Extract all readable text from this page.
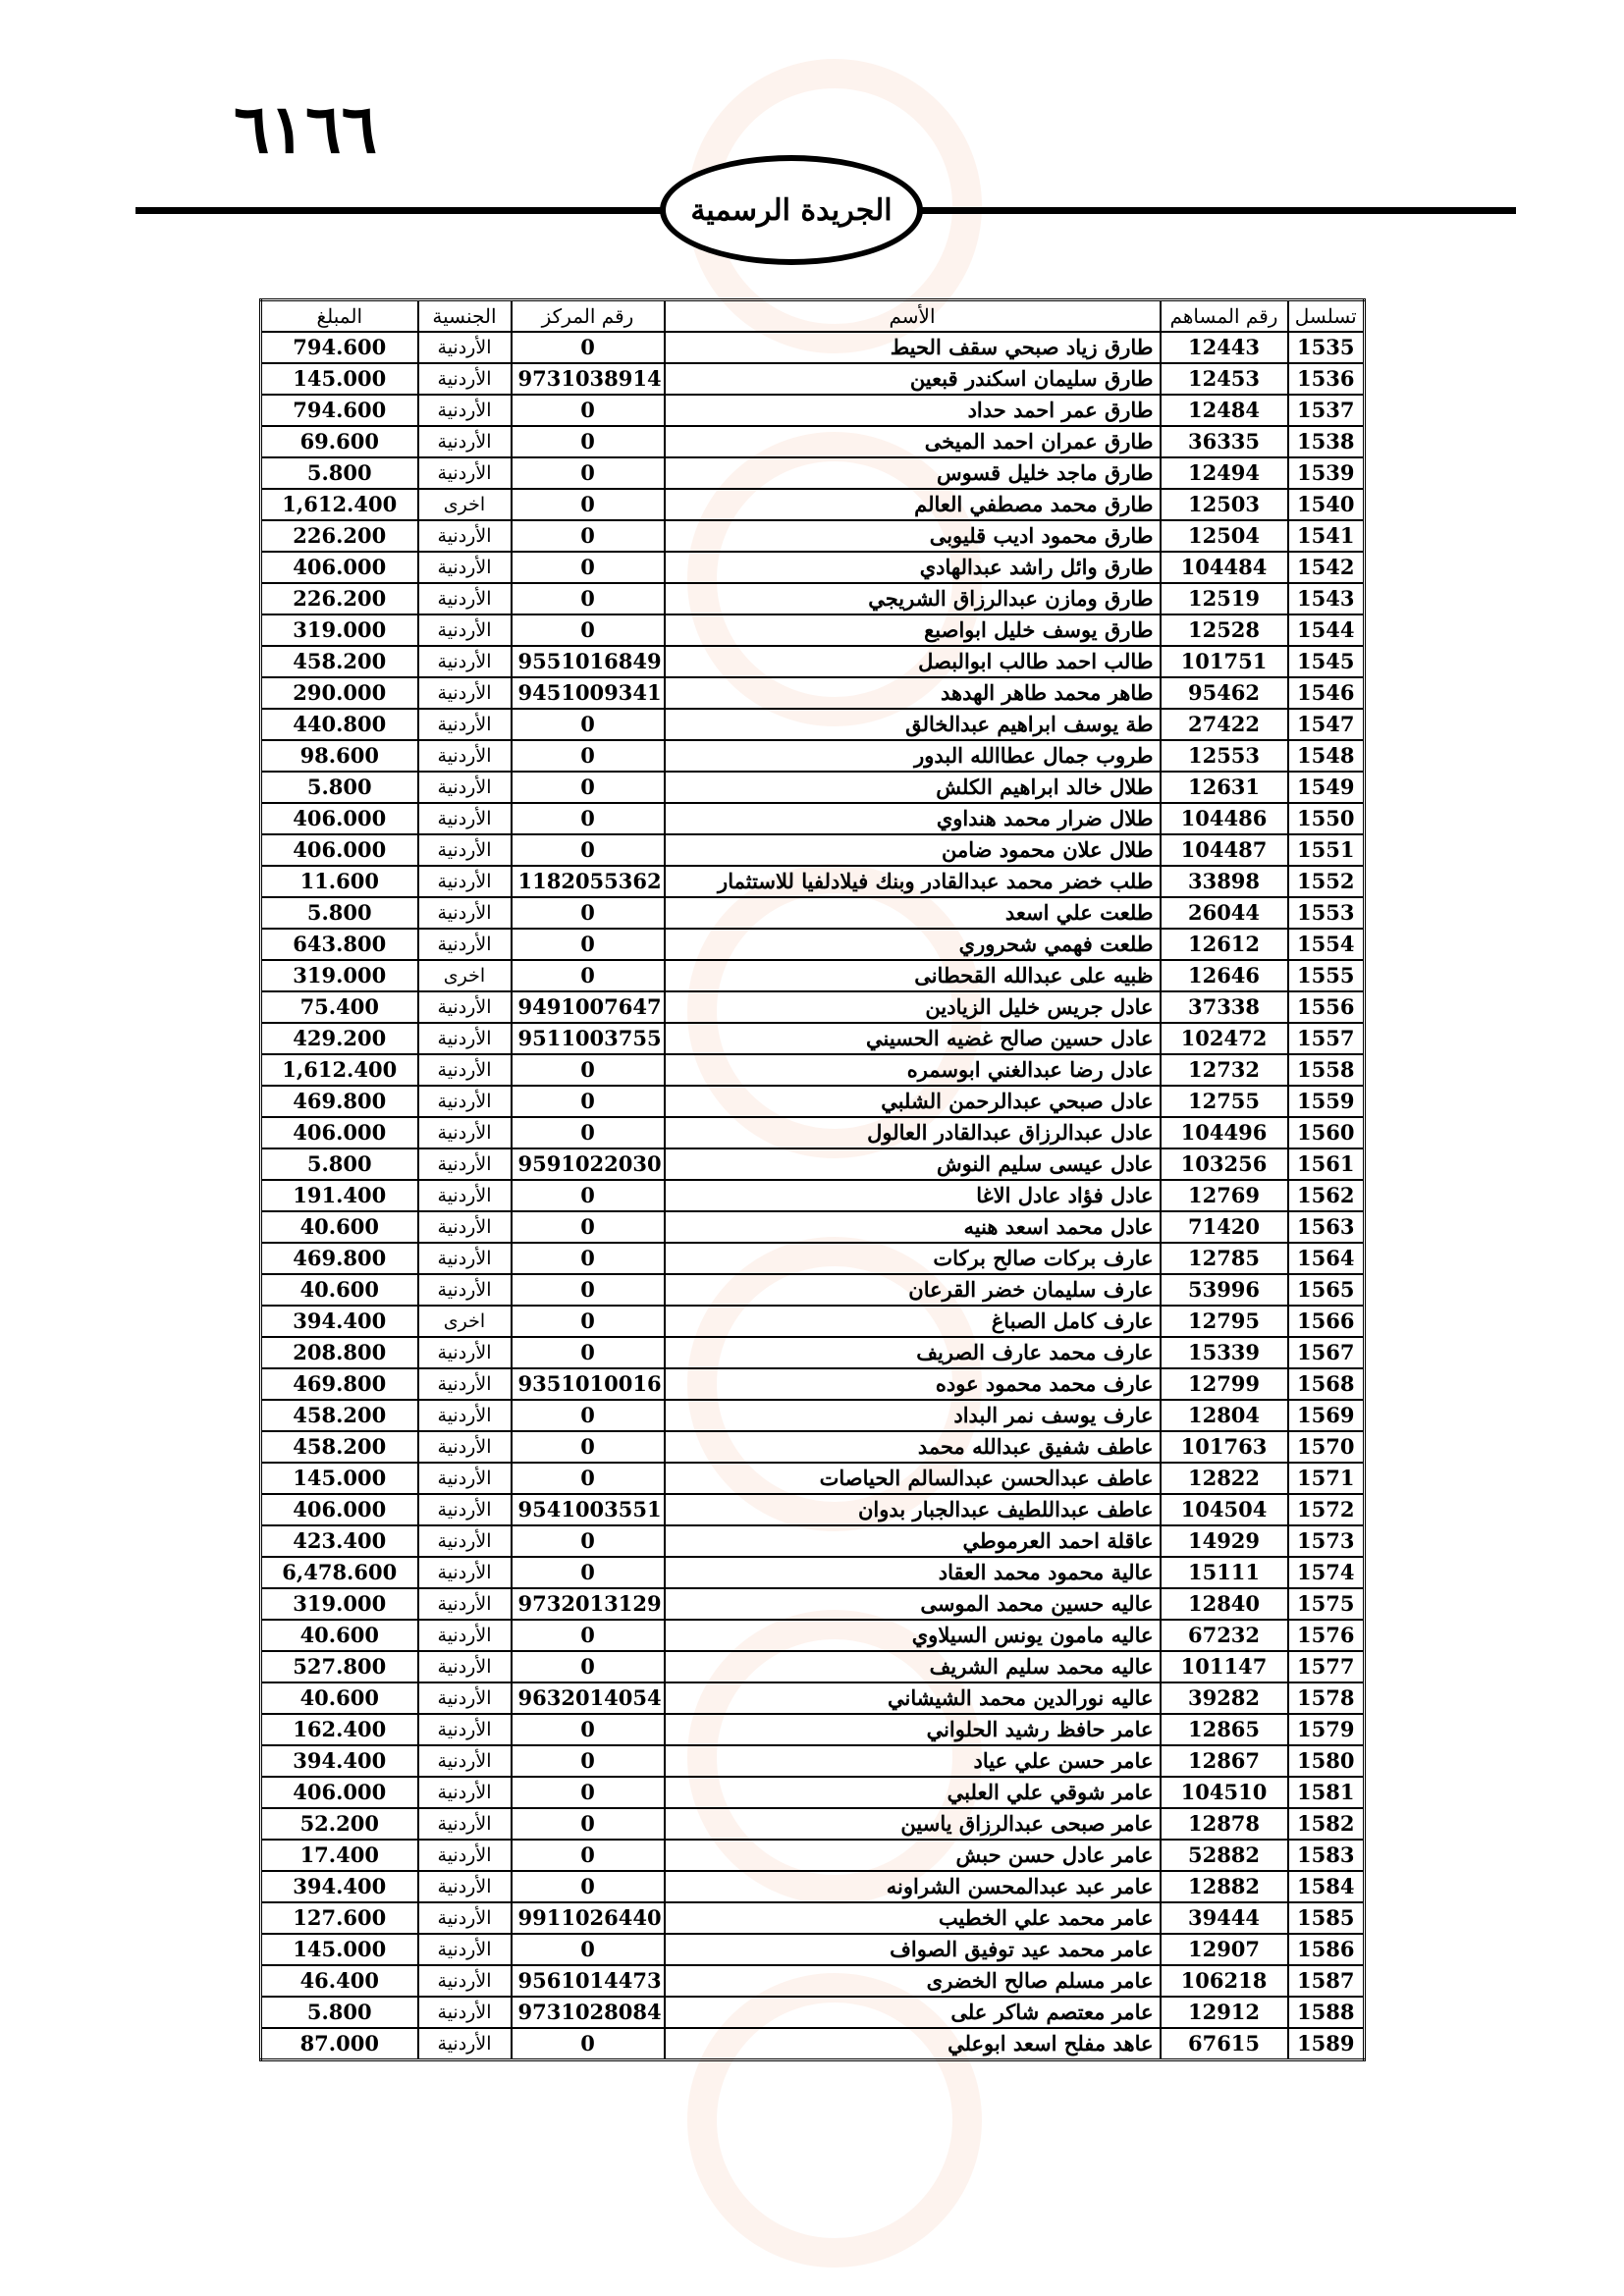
٦١٦٦
الجريدة الرسمية
تسلسل	رقم المساهم	الأسم	رقم المركز	الجنسية	المبلغ
1535	12443	طارق زياد صبحي سقف الحيط	0	الأردنية	794.600
1536	12453	طارق سليمان اسكندر قبعين	9731038914	الأردنية	145.000
1537	12484	طارق عمر احمد حداد	0	الأردنية	794.600
1538	36335	طارق عمران احمد الميخى	0	الأردنية	69.600
1539	12494	طارق ماجد خليل قسوس	0	الأردنية	5.800
1540	12503	طارق محمد مصطفي العالم	0	اخرى	1,612.400
1541	12504	طارق محمود اديب قليوبى	0	الأردنية	226.200
1542	104484	طارق وائل راشد عبدالهادي	0	الأردنية	406.000
1543	12519	طارق ومازن عبدالرزاق الشريجي	0	الأردنية	226.200
1544	12528	طارق يوسف خليل ابواصبع	0	الأردنية	319.000
1545	101751	طالب احمد طالب ابوالبصل	9551016849	الأردنية	458.200
1546	95462	طاهر محمد طاهر الهدهد	9451009341	الأردنية	290.000
1547	27422	طة يوسف ابراهيم عبدالخالق	0	الأردنية	440.800
1548	12553	طروب جمال عطاالله البدور	0	الأردنية	98.600
1549	12631	طلال خالد ابراهيم الكلش	0	الأردنية	5.800
1550	104486	طلال ضرار محمد هنداوي	0	الأردنية	406.000
1551	104487	طلال علان محمود ضامن	0	الأردنية	406.000
1552	33898	طلب خضر محمد عبدالقادر وبنك فيلادلفيا للاستثمار	1182055362	الأردنية	11.600
1553	26044	طلعت علي اسعد	0	الأردنية	5.800
1554	12612	طلعت فهمي شحروري	0	الأردنية	643.800
1555	12646	ظبيه على عبدالله القحطانى	0	اخرى	319.000
1556	37338	عادل جريس خليل الزيادين	9491007647	الأردنية	75.400
1557	102472	عادل حسين صالح غضيه الحسيني	9511003755	الأردنية	429.200
1558	12732	عادل رضا عبدالغني ابوسمره	0	الأردنية	1,612.400
1559	12755	عادل صبحي عبدالرحمن الشلبي	0	الأردنية	469.800
1560	104496	عادل عبدالرزاق عبدالقادر العالول	0	الأردنية	406.000
1561	103256	عادل عيسى سليم النوش	9591022030	الأردنية	5.800
1562	12769	عادل فؤاد عادل الاغا	0	الأردنية	191.400
1563	71420	عادل محمد اسعد هنيه	0	الأردنية	40.600
1564	12785	عارف بركات صالح بركات	0	الأردنية	469.800
1565	53996	عارف سليمان خضر القرعان	0	الأردنية	40.600
1566	12795	عارف كامل الصباغ	0	اخرى	394.400
1567	15339	عارف محمد عارف الصريف	0	الأردنية	208.800
1568	12799	عارف محمد محمود عوده	9351010016	الأردنية	469.800
1569	12804	عارف يوسف نمر البداد	0	الأردنية	458.200
1570	101763	عاطف شفيق عبدالله محمد	0	الأردنية	458.200
1571	12822	عاطف عبدالحسن عبدالسالم الحياصات	0	الأردنية	145.000
1572	104504	عاطف عبداللطيف عبدالجبار بدوان	9541003551	الأردنية	406.000
1573	14929	عاقلة احمد العرموطي	0	الأردنية	423.400
1574	15111	عالية محمود محمد العقاد	0	الأردنية	6,478.600
1575	12840	عاليه حسين محمد الموسى	9732013129	الأردنية	319.000
1576	67232	عاليه مامون يونس السيلاوي	0	الأردنية	40.600
1577	101147	عاليه محمد سليم الشريف	0	الأردنية	527.800
1578	39282	عاليه نورالدين محمد الشيشاني	9632014054	الأردنية	40.600
1579	12865	عامر حافظ رشيد الحلواني	0	الأردنية	162.400
1580	12867	عامر حسن علي عياد	0	الأردنية	394.400
1581	104510	عامر شوقي علي العلبي	0	الأردنية	406.000
1582	12878	عامر صبحى عبدالرزاق ياسين	0	الأردنية	52.200
1583	52882	عامر عادل حسن حبش	0	الأردنية	17.400
1584	12882	عامر عبد عبدالمحسن الشراونه	0	الأردنية	394.400
1585	39444	عامر محمد علي الخطيب	9911026440	الأردنية	127.600
1586	12907	عامر محمد عيد توفيق الصواف	0	الأردنية	145.000
1587	106218	عامر مسلم صالح الخضرى	9561014473	الأردنية	46.400
1588	12912	عامر معتصم شاكر على	9731028084	الأردنية	5.800
1589	67615	عاهد مفلح اسعد ابوعلي	0	الأردنية	87.000
